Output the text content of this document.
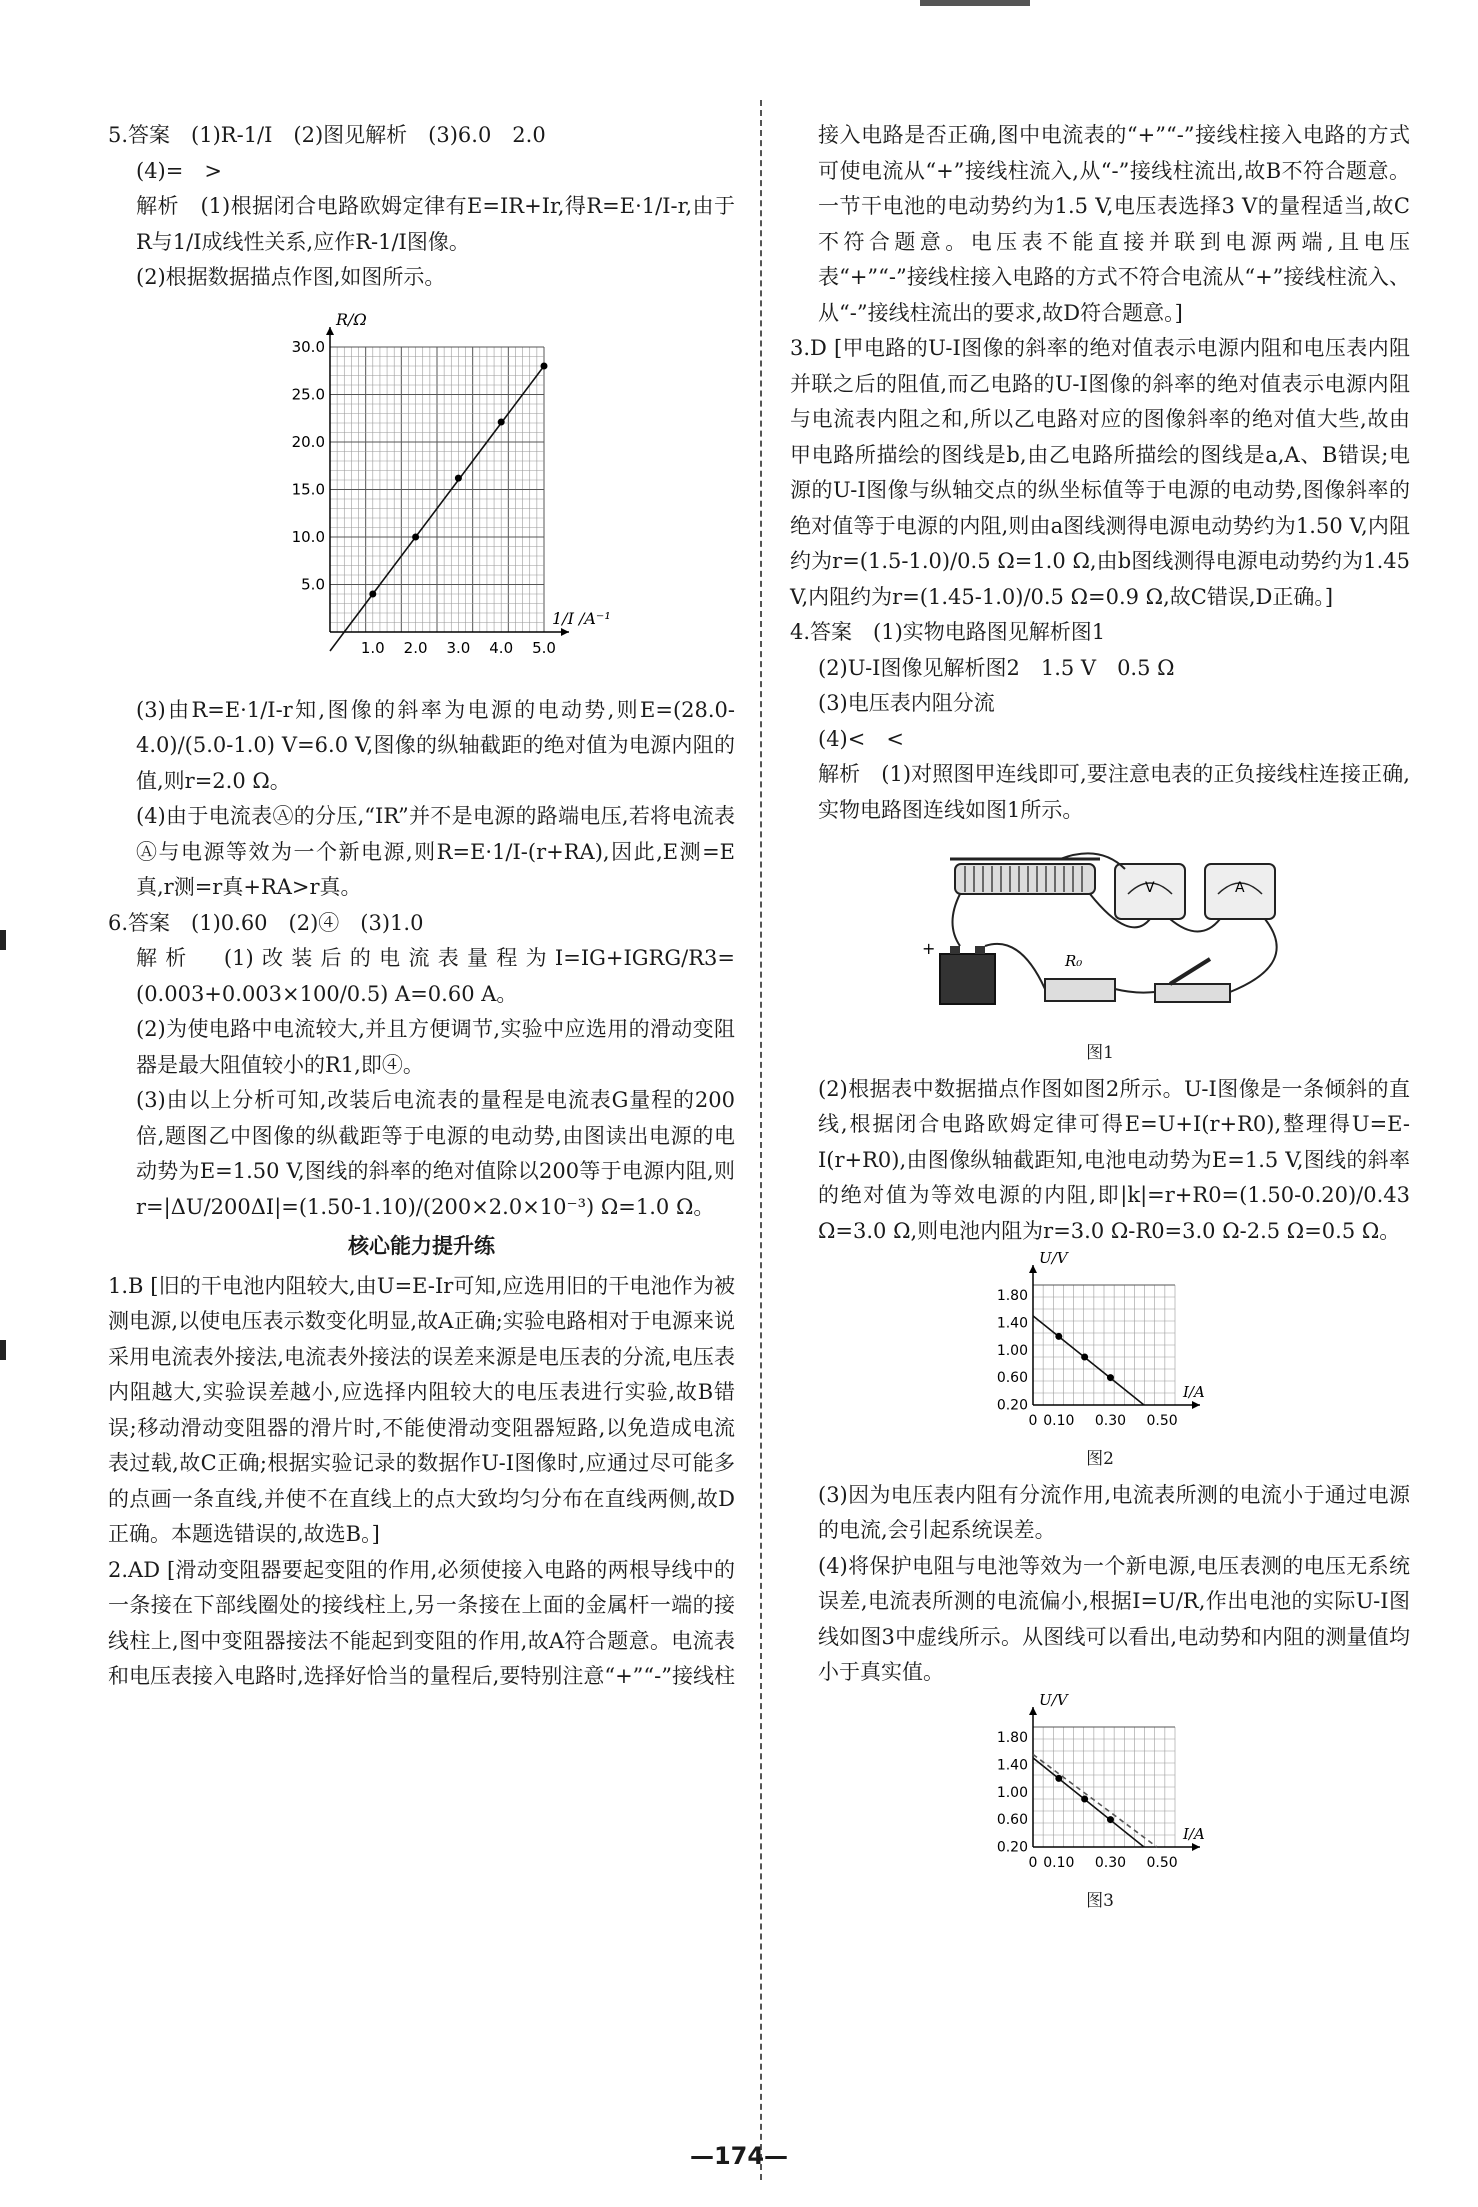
5.答案　(1)R-1/I　(2)图见解析　(3)6.0　2.0

(4)=　>

解析　(1)根据闭合电路欧姆定律有E=IR+Ir,得R=E·1/I-r,由于R与1/I成线性关系,应作R-1/I图像。

(2)根据数据描点作图,如图所示。

1.0 2.0 3.0 4.0 5.0
5.0
10.0
15.0
20.0
25.0
30.0
R/Ω
1/I /A⁻¹

(3)由R=E·1/I-r知,图像的斜率为电源的电动势,则E=(28.0-4.0)/(5.0-1.0) V=6.0 V,图像的纵轴截距的绝对值为电源内阻的值,则r=2.0 Ω。

(4)由于电流表Ⓐ的分压,“IR”并不是电源的路端电压,若将电流表Ⓐ与电源等效为一个新电源,则R=E·1/I-(r+RA),因此,E测=E真,r测=r真+RA>r真。

6.答案　(1)0.60　(2)④　(3)1.0

解析　(1)改装后的电流表量程为I=IG+IGRG/R3=(0.003+0.003×100/0.5) A=0.60 A。

(2)为使电路中电流较大,并且方便调节,实验中应选用的滑动变阻器是最大阻值较小的R1,即④。

(3)由以上分析可知,改装后电流表的量程是电流表G量程的200倍,题图乙中图像的纵截距等于电源的电动势,由图读出电源的电动势为E=1.50 V,图线的斜率的绝对值除以200等于电源内阻,则r=|ΔU/200ΔI|=(1.50-1.10)/(200×2.0×10⁻³) Ω=1.0 Ω。

核心能力提升练

1.B [旧的干电池内阻较大,由U=E-Ir可知,应选用旧的干电池作为被测电源,以使电压表示数变化明显,故A正确;实验电路相对于电源来说采用电流表外接法,电流表外接法的误差来源是电压表的分流,电压表内阻越大,实验误差越小,应选择内阻较大的电压表进行实验,故B错误;移动滑动变阻器的滑片时,不能使滑动变阻器短路,以免造成电流表过载,故C正确;根据实验记录的数据作U-I图像时,应通过尽可能多的点画一条直线,并使不在直线上的点大致均匀分布在直线两侧,故D正确。本题选错误的,故选B。]

2.AD [滑动变阻器要起变阻的作用,必须使接入电路的两根导线中的一条接在下部线圈处的接线柱上,另一条接在上面的金属杆一端的接线柱上,图中变阻器接法不能起到变阻的作用,故A符合题意。电流表和电压表接入电路时,选择好恰当的量程后,要特别注意“+”“-”接线柱

接入电路是否正确,图中电流表的“+”“-”接线柱接入电路的方式可使电流从“+”接线柱流入,从“-”接线柱流出,故B不符合题意。一节干电池的电动势约为1.5 V,电压表选择3 V的量程适当,故C不符合题意。电压表不能直接并联到电源两端,且电压表“+”“-”接线柱接入电路的方式不符合电流从“+”接线柱流入、从“-”接线柱流出的要求,故D符合题意。]

3.D [甲电路的U-I图像的斜率的绝对值表示电源内阻和电压表内阻并联之后的阻值,而乙电路的U-I图像的斜率的绝对值表示电源内阻与电流表内阻之和,所以乙电路对应的图像斜率的绝对值大些,故由甲电路所描绘的图线是b,由乙电路所描绘的图线是a,A、B错误;电源的U-I图像与纵轴交点的纵坐标值等于电源的电动势,图像斜率的绝对值等于电源的内阻,则由a图线测得电源电动势约为1.50 V,内阻约为r=(1.5-1.0)/0.5 Ω=1.0 Ω,由b图线测得电源电动势约为1.45 V,内阻约为r=(1.45-1.0)/0.5 Ω=0.9 Ω,故C错误,D正确。]

4.答案　(1)实物电路图见解析图1

(2)U-I图像见解析图2　1.5 V　0.5 Ω

(3)电压表内阻分流

(4)<　<

解析　(1)对照图甲连线即可,要注意电表的正负接线柱连接正确,实物电路图连线如图1所示。

V	A
+
R₀
图1

(2)根据表中数据描点作图如图2所示。U-I图像是一条倾斜的直线,根据闭合电路欧姆定律可得E=U+I(r+R0),整理得U=E-I(r+R0),由图像纵轴截距知,电池电动势为E=1.5 V,图线的斜率的绝对值为等效电源的内阻,即|k|=r+R0=(1.50-0.20)/0.43 Ω=3.0 Ω,则电池内阻为r=3.0 Ω-R0=3.0 Ω-2.5 Ω=0.5 Ω。

0 0.10 0.30 0.50
0.20
0.60
1.00
1.40
1.80
U/V
I/A
图2

(3)因为电压表内阻有分流作用,电流表所测的电流小于通过电源的电流,会引起系统误差。

(4)将保护电阻与电池等效为一个新电源,电压表测的电压无系统误差,电流表所测的电流偏小,根据I=U/R,作出电池的实际U-I图线如图3中虚线所示。从图线可以看出,电动势和内阻的测量值均小于真实值。

0 0.10 0.30 0.50
0.20
0.60
1.00
1.40
1.80
U/V
I/A
图3
—174—
